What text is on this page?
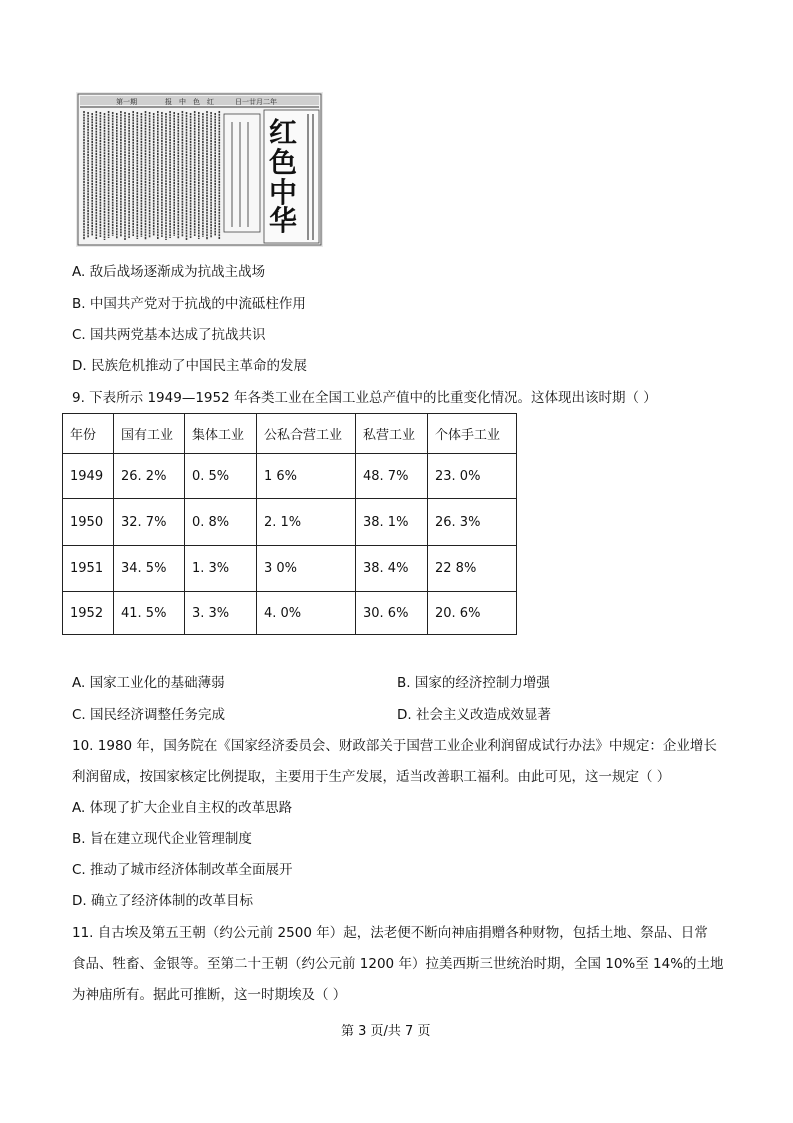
第一期　　　　报　中　色　红　　　日一廿月二年
红
色
中
华
A. 敌后战场逐渐成为抗战主战场
B. 中国共产党对于抗战的中流砥柱作用
C. 国共两党基本达成了抗战共识
D. 民族危机推动了中国民主革命的发展
9. 下表所示 1949—1952 年各类工业在全国工业总产值中的比重变化情况。这体现出该时期（ ）
年份	国有工业	集体工业	公私合营工业	私营工业	个体手工业
1949	26. 2%	0. 5%	1 6%	48. 7%	23. 0%
1950	32. 7%	0. 8%	2. 1%	38. 1%	26. 3%
1951	34. 5%	1. 3%	3 0%	38. 4%	22 8%
1952	41. 5%	3. 3%	4. 0%	30. 6%	20. 6%
A. 国家工业化的基础薄弱	B. 国家的经济控制力增强
C. 国民经济调整任务完成	D. 社会主义改造成效显著
10. 1980 年，国务院在《国家经济委员会、财政部关于国营工业企业利润留成试行办法》中规定：企业增长
利润留成，按国家核定比例提取，主要用于生产发展，适当改善职工福利。由此可见，这一规定（ ）
A. 体现了扩大企业自主权的改革思路
B. 旨在建立现代企业管理制度
C. 推动了城市经济体制改革全面展开
D. 确立了经济体制的改革目标
11. 自古埃及第五王朝（约公元前 2500 年）起，法老便不断向神庙捐赠各种财物，包括土地、祭品、日常
食品、牲畜、金银等。至第二十王朝（约公元前 1200 年）拉美西斯三世统治时期，全国 10%至 14%的土地
为神庙所有。据此可推断，这一时期埃及（ ）
第 3 页/共 7 页
